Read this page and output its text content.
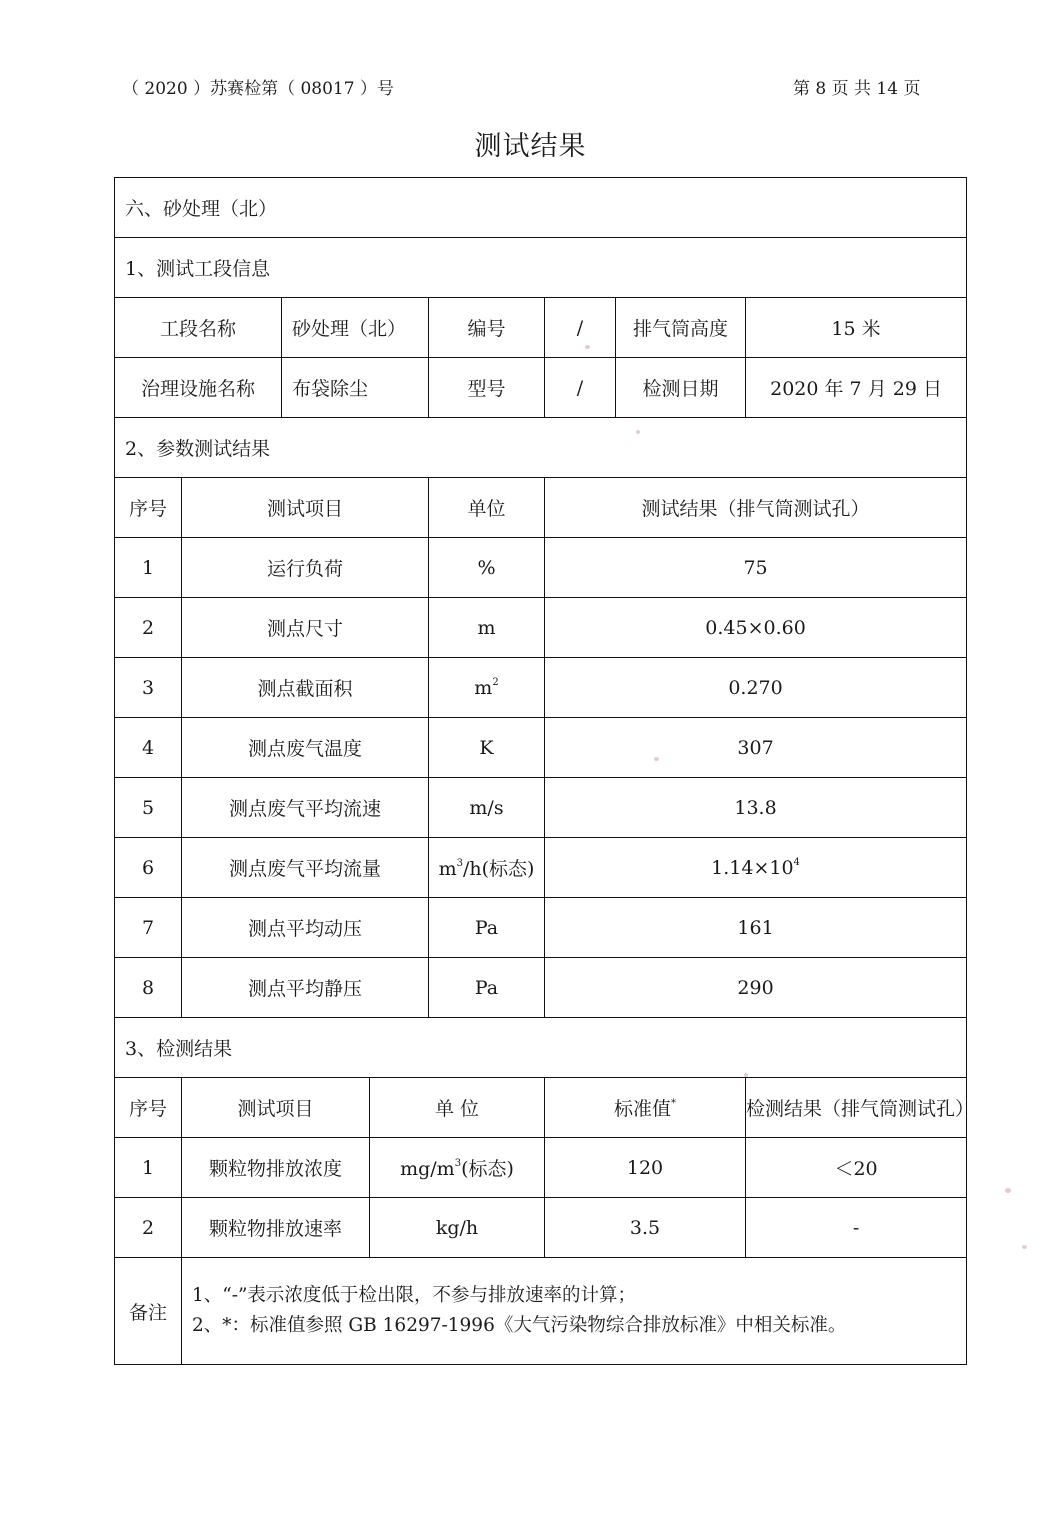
（ 2020 ）苏赛检第（ 08017 ）号	第 8 页 共 14 页
测试结果
六、砂处理（北）							
1、测试工段信息							
工段名称		砂处理（北）		编号	/	排气筒高度	15 米
治理设施名称		布袋除尘		型号	/	检测日期	2020 年 7 月 29 日
2、参数测试结果							
序号	测试项目			单位	测试结果（排气筒测试孔）		
1	运行负荷			%	75		
2	测点尺寸			m	0.45×0.60		
3	测点截面积			$m^2$	0.270		
4	测点废气温度			K	307		
5	测点废气平均流速			m/s	13.8		
6	测点废气平均流量			$m^3/h$(标态)	$1.14\times 10^4$
7	测点平均动压			Pa	161		
8	测点平均静压			Pa	290		
3、检测结果							
序号	测试项目		单 位		标准值*		检测结果（排气筒测试孔）
1	颗粒物排放浓度		$mg/m^3$(标态)		120		＜20
2	颗粒物排放速率		kg/h		3.5		-
备注	1、“-”表示浓度低于检出限，不参与排放速率的计算；
2、*：标准值参照 GB 16297-1996《大气污染物综合排放标准》中相关标准。						
